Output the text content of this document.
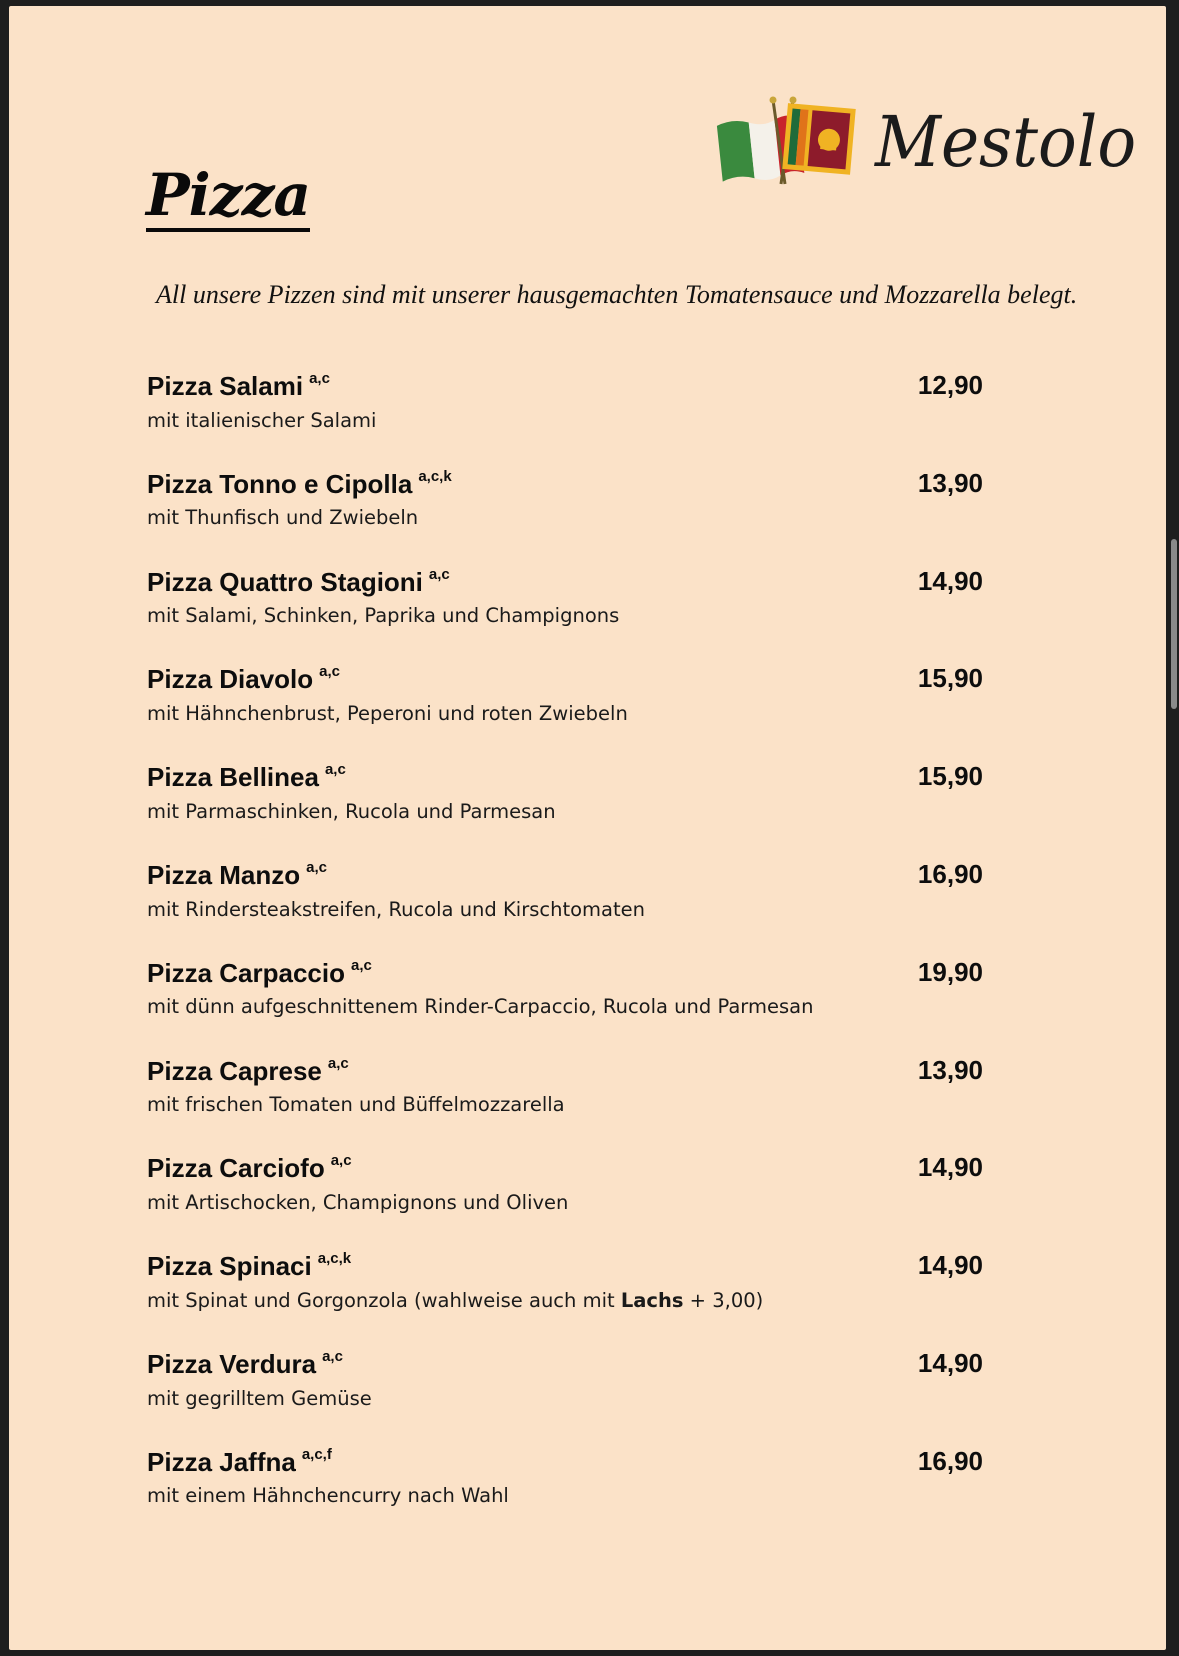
Mestolo
Pizza
All unsere Pizzen sind mit unserer hausgemachten Tomatensauce und Mozzarella belegt.
Pizza Salami $^{a,c}$	12,90
mit italienischer Salami
Pizza Tonno e Cipolla $^{a,c,k}$	13,90
mit Thunfisch und Zwiebeln
Pizza Quattro Stagioni $^{a,c}$	14,90
mit Salami, Schinken, Paprika und Champignons
Pizza Diavolo $^{a,c}$	15,90
mit Hähnchenbrust, Peperoni und roten Zwiebeln
Pizza Bellinea $^{a,c}$	15,90
mit Parmaschinken, Rucola und Parmesan
Pizza Manzo $^{a,c}$	16,90
mit Rindersteakstreifen, Rucola und Kirschtomaten
Pizza Carpaccio $^{a,c}$	19,90
mit dünn aufgeschnittenem Rinder-Carpaccio, Rucola und Parmesan
Pizza Caprese $^{a,c}$	13,90
mit frischen Tomaten und Büffelmozzarella
Pizza Carciofo $^{a,c}$	14,90
mit Artischocken, Champignons und Oliven
Pizza Spinaci $^{a,c,k}$	14,90
mit Spinat und Gorgonzola (wahlweise auch mit Lachs + 3,00)
Pizza Verdura $^{a,c}$	14,90
mit gegrilltem Gemüse
Pizza Jaffna $^{a,c,f}$	16,90
mit einem Hähnchencurry nach Wahl
